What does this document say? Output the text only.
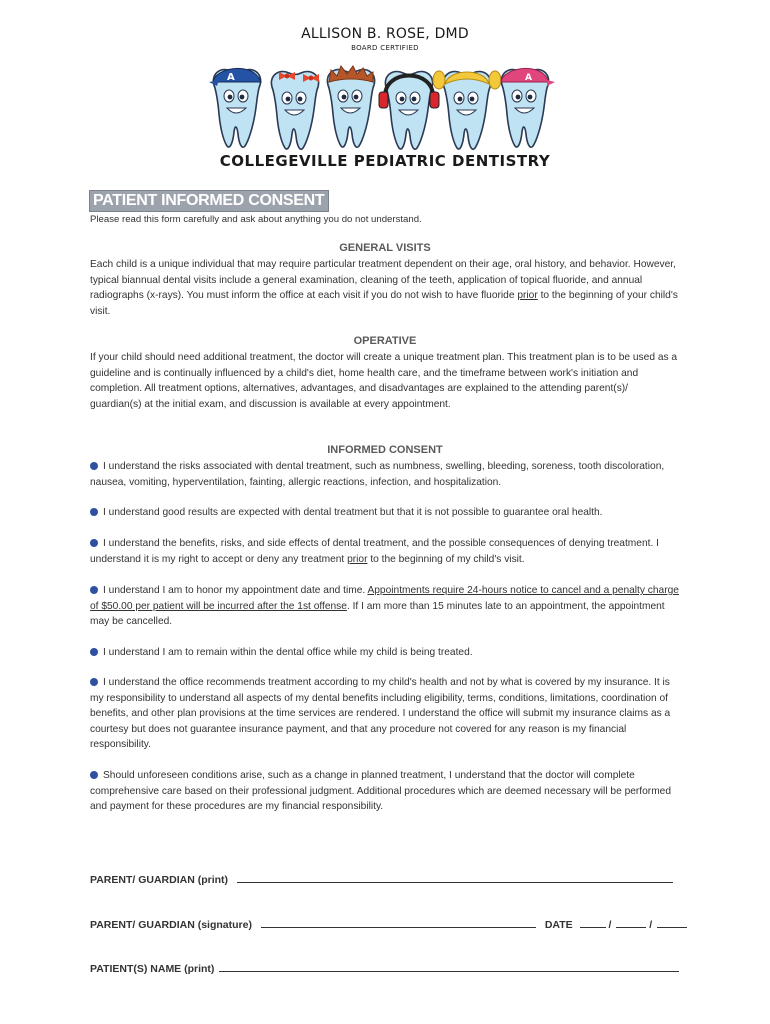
ALLISON B. ROSE, DMD

BOARD CERTIFIED

A	A
COLLEGEVILLE PEDIATRIC DENTISTRY
PATIENT INFORMED CONSENT
Please read this form carefully and ask about anything you do not understand.
GENERAL VISITS

Each child is a unique individual that may require particular treatment dependent on their age, oral history, and behavior. However, typical biannual dental visits include a general examination, cleaning of the teeth, application of topical fluoride, and annual radiographs (x-rays). You must inform the office at each visit if you do not wish to have fluoride prior to the beginning of your child's visit.

OPERATIVE

If your child should need additional treatment, the doctor will create a unique treatment plan. This treatment plan is to be used as a guideline and is continually influenced by a child's diet, home health care, and the timeframe between work's initiation and completion. All treatment options, alternatives, advantages, and disadvantages are explained to the attending parent(s)/ guardian(s) at the initial exam, and discussion is available at every appointment.

INFORMED CONSENT

I understand the risks associated with dental treatment, such as numbness, swelling, bleeding, soreness, tooth discoloration, nausea, vomiting, hyperventilation, fainting, allergic reactions, infection, and hospitalization.

I understand good results are expected with dental treatment but that it is not possible to guarantee oral health.

I understand the benefits, risks, and side effects of dental treatment, and the possible consequences of denying treatment. I understand it is my right to accept or deny any treatment prior to the beginning of my child's visit.

I understand I am to honor my appointment date and time. Appointments require 24-hours notice to cancel and a penalty charge of $50.00 per patient will be incurred after the 1st offense. If I am more than 15 minutes late to an appointment, the appointment may be cancelled.

I understand I am to remain within the dental office while my child is being treated.

I understand the office recommends treatment according to my child's health and not by what is covered by my insurance. It is my responsibility to understand all aspects of my dental benefits including eligibility, terms, conditions, limitations, coordination of benefits, and other plan provisions at the time services are rendered. I understand the office will submit my insurance claims as a courtesy but does not guarantee insurance payment, and that any procedure not covered for any reason is my financial responsibility.

Should unforeseen conditions arise, such as a change in planned treatment, I understand that the doctor will complete comprehensive care based on their professional judgment. Additional procedures which are deemed necessary will be performed and payment for these procedures are my financial responsibility.

PARENT/ GUARDIAN (print)
PARENT/ GUARDIAN (signature)	DATE	/	/
PATIENT(S) NAME (print)
